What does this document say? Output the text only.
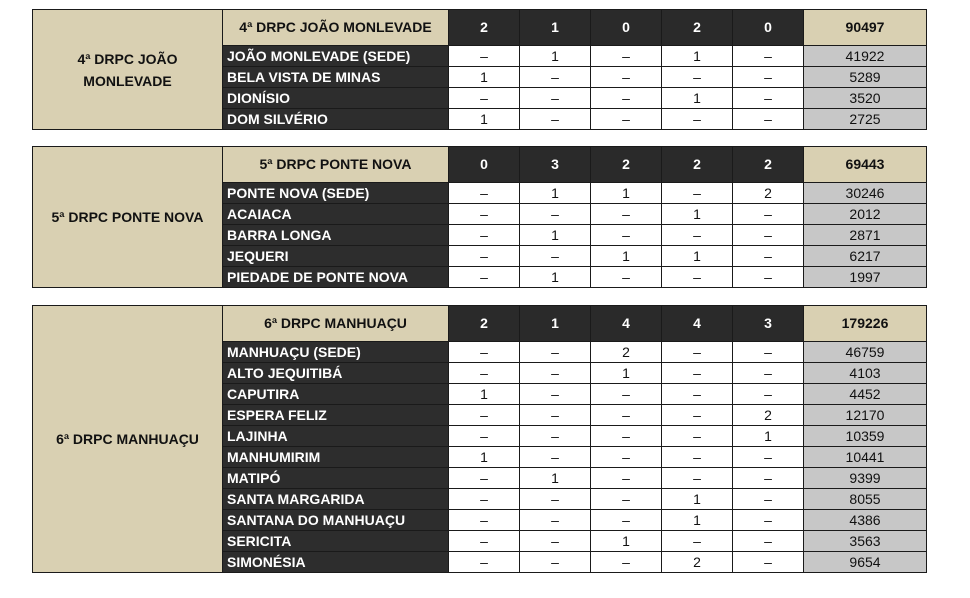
4ª DRPC JOÃO MONLEVADE	4ª DRPC JOÃO MONLEVADE	2	1	0	2	0	90497
	JOÃO MONLEVADE (SEDE)	–	1	–	1	–	41922
	BELA VISTA DE MINAS	1	–	–	–	–	5289
	DIONÍSIO	–	–	–	1	–	3520
	DOM SILVÉRIO	1	–	–	–	–	2725
5ª DRPC PONTE NOVA	5ª DRPC PONTE NOVA	0	3	2	2	2	69443
	PONTE NOVA (SEDE)	–	1	1	–	2	30246
	ACAIACA	–	–	–	1	–	2012
	BARRA LONGA	–	1	–	–	–	2871
	JEQUERI	–	–	1	1	–	6217
	PIEDADE DE PONTE NOVA	–	1	–	–	–	1997
6ª DRPC MANHUAÇU	6ª DRPC MANHUAÇU	2	1	4	4	3	179226
	MANHUAÇU (SEDE)	–	–	2	–	–	46759
	ALTO JEQUITIBÁ	–	–	1	–	–	4103
	CAPUTIRA	1	–	–	–	–	4452
	ESPERA FELIZ	–	–	–	–	2	12170
	LAJINHA	–	–	–	–	1	10359
	MANHUMIRIM	1	–	–	–	–	10441
	MATIPÓ	–	1	–	–	–	9399
	SANTA MARGARIDA	–	–	–	1	–	8055
	SANTANA DO MANHUAÇU	–	–	–	1	–	4386
	SERICITA	–	–	1	–	–	3563
	SIMONÉSIA	–	–	–	2	–	9654
